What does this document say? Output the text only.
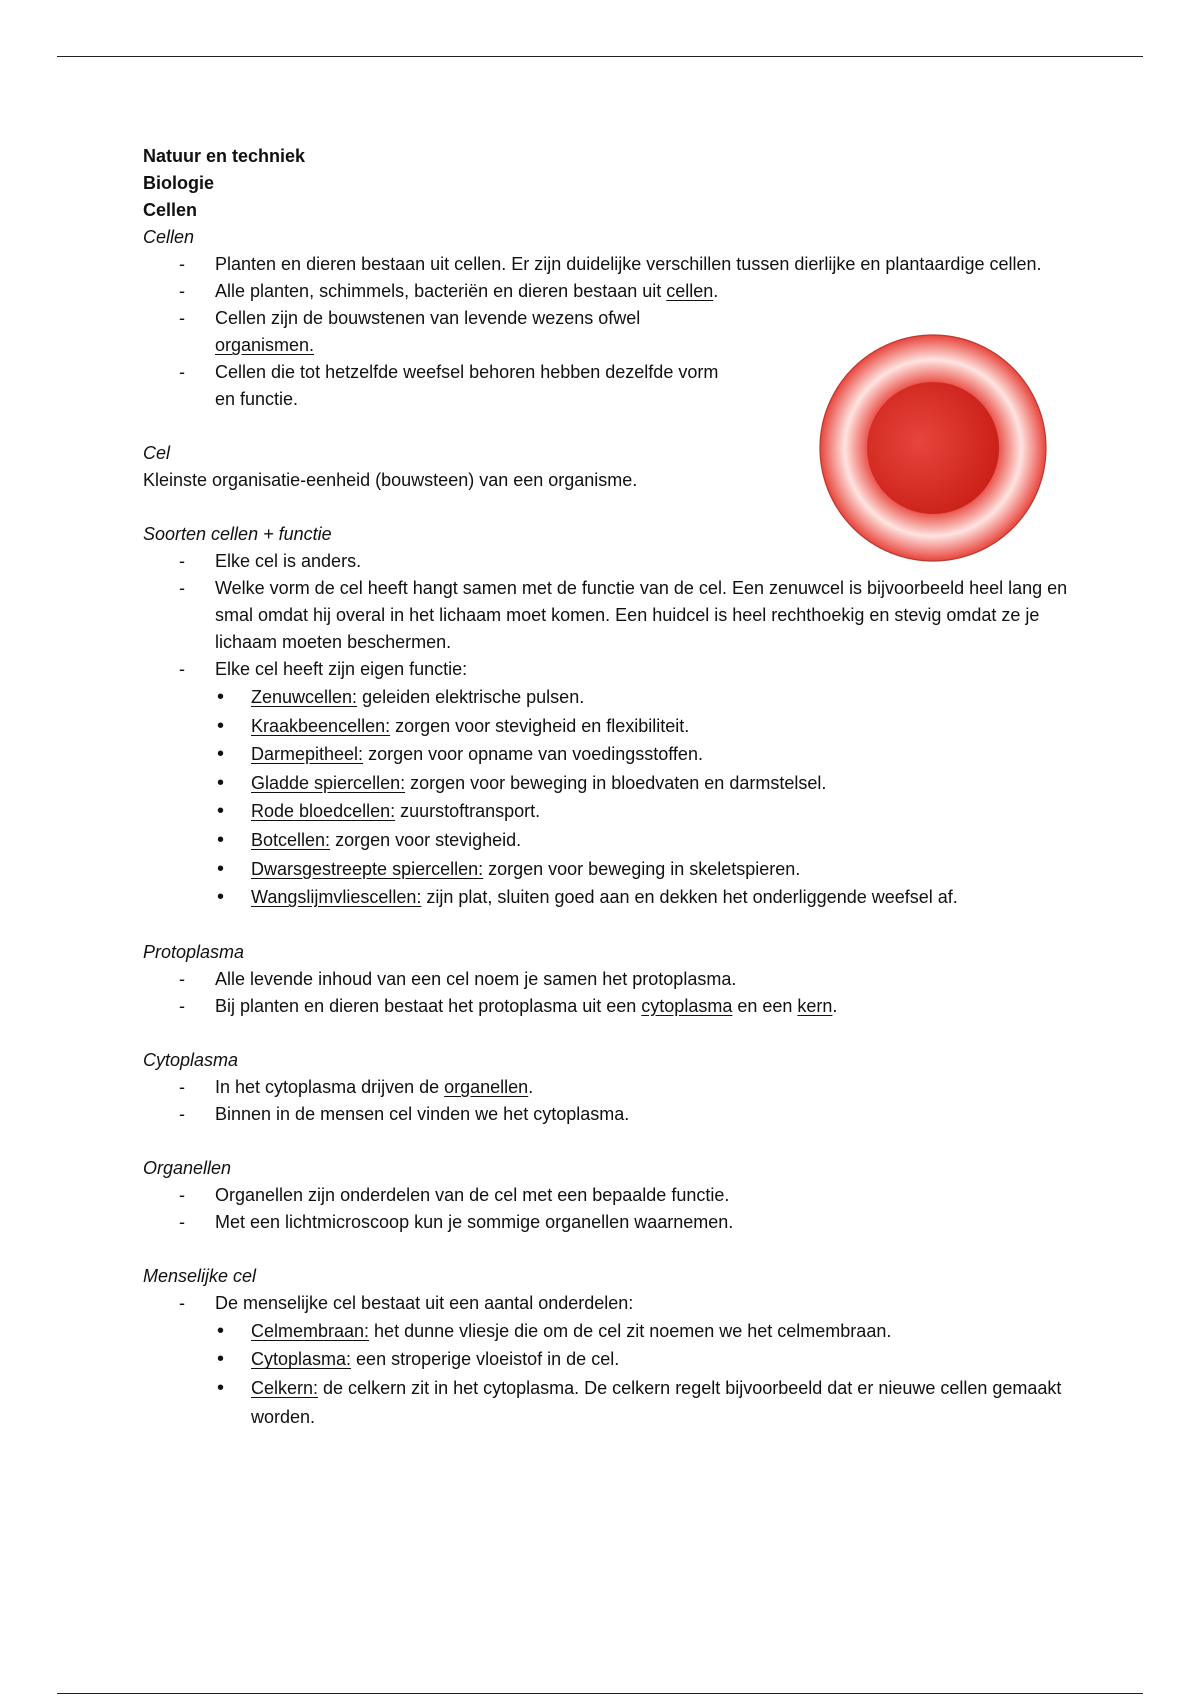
Natuur en techniek

Biologie

Cellen

Cellen

- Planten en dieren bestaan uit cellen. Er zijn duidelijke verschillen tussen dierlijke en plantaardige cellen.
- Alle planten, schimmels, bacteriën en dieren bestaan uit cellen.
- Cellen zijn de bouwstenen van levende wezens ofwel organismen.
- Cellen die tot hetzelfde weefsel behoren hebben dezelfde vorm en functie.

Cel

Kleinste organisatie-eenheid (bouwsteen) van een organisme.

Soorten cellen + functie

- Elke cel is anders.
- Welke vorm de cel heeft hangt samen met de functie van de cel. Een zenuwcel is bijvoorbeeld heel lang en smal omdat hij overal in het lichaam moet komen. Een huidcel is heel rechthoekig en stevig omdat ze je lichaam moeten beschermen.
- Elke cel heeft zijn eigen functie:
• Zenuwcellen: geleiden elektrische pulsen.
• Kraakbeencellen: zorgen voor stevigheid en flexibiliteit.
• Darmepitheel: zorgen voor opname van voedingsstoffen.
• Gladde spiercellen: zorgen voor beweging in bloedvaten en darmstelsel.
• Rode bloedcellen: zuurstoftransport.
• Botcellen: zorgen voor stevigheid.
• Dwarsgestreepte spiercellen: zorgen voor beweging in skeletspieren.
• Wangslijmvliescellen: zijn plat, sluiten goed aan en dekken het onderliggende weefsel af.

Protoplasma

- Alle levende inhoud van een cel noem je samen het protoplasma.
- Bij planten en dieren bestaat het protoplasma uit een cytoplasma en een kern.

Cytoplasma

- In het cytoplasma drijven de organellen.
- Binnen in de mensen cel vinden we het cytoplasma.

Organellen

- Organellen zijn onderdelen van de cel met een bepaalde functie.
- Met een lichtmicroscoop kun je sommige organellen waarnemen.

Menselijke cel

- De menselijke cel bestaat uit een aantal onderdelen:
• Celmembraan: het dunne vliesje die om de cel zit noemen we het celmembraan.
• Cytoplasma: een stroperige vloeistof in de cel.
• Celkern: de celkern zit in het cytoplasma. De celkern regelt bijvoorbeeld dat er nieuwe cellen gemaakt worden.
